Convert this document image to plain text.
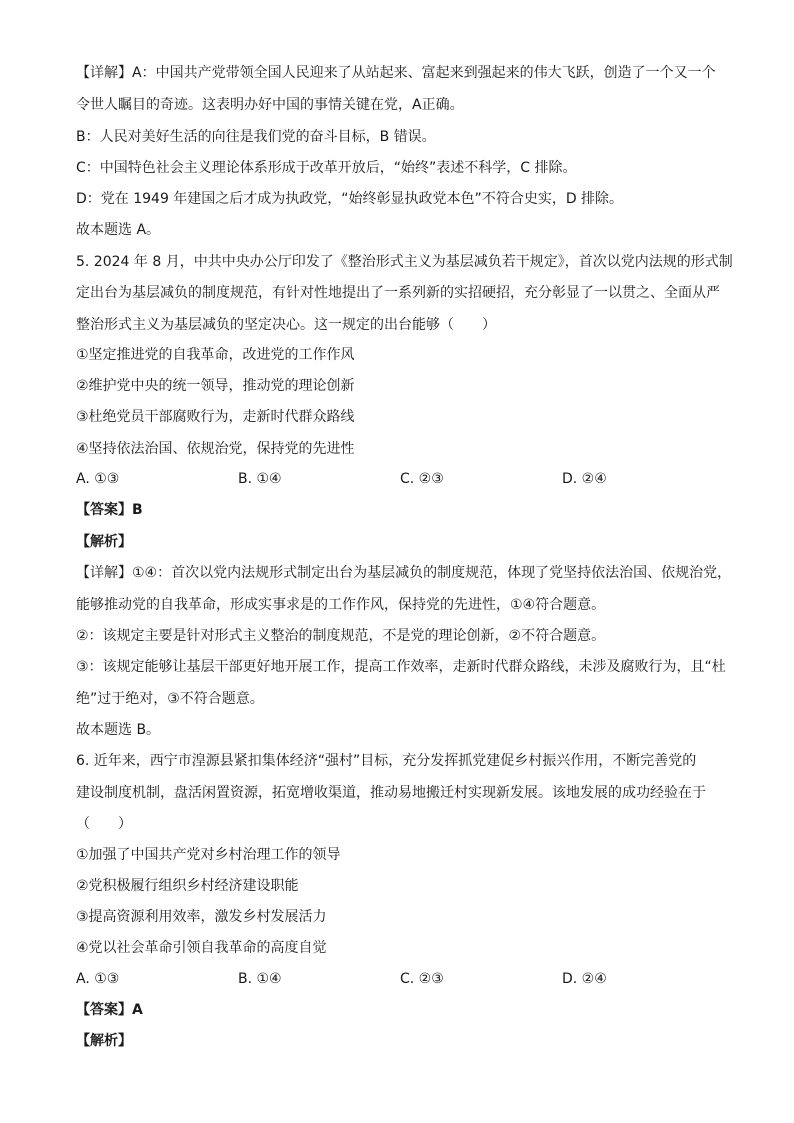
【详解】A：中国共产党带领全国人民迎来了从站起来、富起来到强起来的伟大飞跃，创造了一个又一个
令世人瞩目的奇迹。这表明办好中国的事情关键在党，A正确。
B：人民对美好生活的向往是我们党的奋斗目标，B 错误。
C：中国特色社会主义理论体系形成于改革开放后，“始终”表述不科学，C 排除。
D：党在 1949 年建国之后才成为执政党，“始终彰显执政党本色”不符合史实，D 排除。
故本题选 A。
5. 2024 年 8 月，中共中央办公厅印发了《整治形式主义为基层减负若干规定》，首次以党内法规的形式制
定出台为基层减负的制度规范，有针对性地提出了一系列新的实招硬招，充分彰显了一以贯之、全面从严
整治形式主义为基层减负的坚定决心。这一规定的出台能够（　　）
①坚定推进党的自我革命，改进党的工作作风
②维护党中央的统一领导，推动党的理论创新
③杜绝党员干部腐败行为，走新时代群众路线
④坚持依法治国、依规治党，保持党的先进性
A. ①③	B. ①④	C. ②③	D. ②④
【答案】B
【解析】
【详解】①④：首次以党内法规形式制定出台为基层减负的制度规范，体现了党坚持依法治国、依规治党，
能够推动党的自我革命，形成实事求是的工作作风，保持党的先进性，①④符合题意。
②：该规定主要是针对形式主义整治的制度规范，不是党的理论创新，②不符合题意。
③：该规定能够让基层干部更好地开展工作，提高工作效率，走新时代群众路线，未涉及腐败行为，且“杜
绝”过于绝对，③不符合题意。
故本题选 B。
6. 近年来，西宁市湟源县紧扣集体经济“强村”目标，充分发挥抓党建促乡村振兴作用，不断完善党的
建设制度机制，盘活闲置资源，拓宽增收渠道，推动易地搬迁村实现新发展。该地发展的成功经验在于
（　　）
①加强了中国共产党对乡村治理工作的领导
②党积极履行组织乡村经济建设职能
③提高资源利用效率，激发乡村发展活力
④党以社会革命引领自我革命的高度自觉
A. ①③	B. ①④	C. ②③	D. ②④
【答案】A
【解析】
